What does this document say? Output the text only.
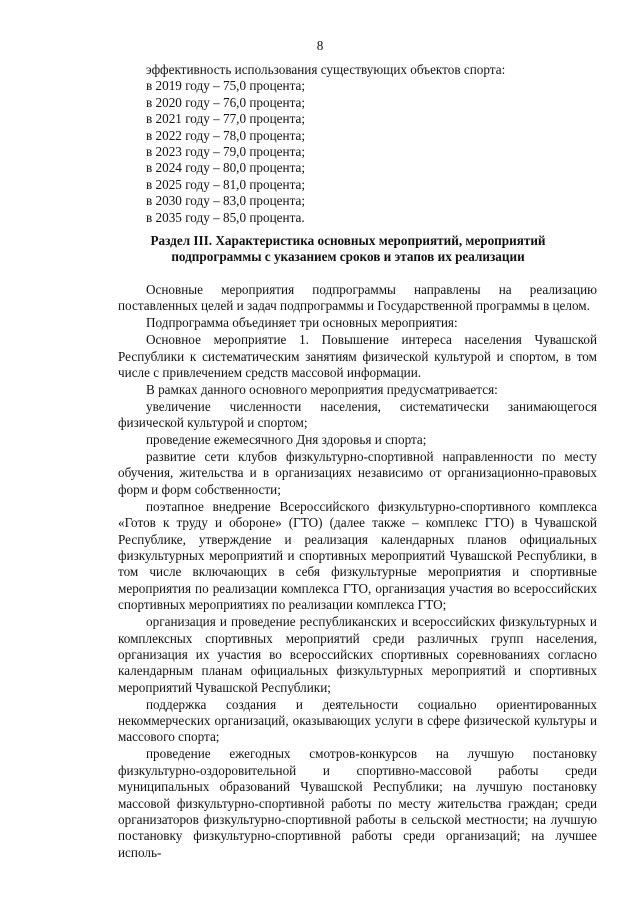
8

эффективность использования существующих объектов спорта:

в 2019 году – 75,0 процента;

в 2020 году – 76,0 процента;

в 2021 году – 77,0 процента;

в 2022 году – 78,0 процента;

в 2023 году – 79,0 процента;

в 2024 году – 80,0 процента;

в 2025 году – 81,0 процента;

в 2030 году – 83,0 процента;

в 2035 году – 85,0 процента.

Раздел III. Характеристика основных мероприятий, мероприятий
подпрограммы с указанием сроков и этапов их реализации

Основные мероприятия подпрограммы направлены на реализацию поставленных целей и задач подпрограммы и Государственной программы в целом.

Подпрограмма объединяет три основных мероприятия:

Основное мероприятие 1. Повышение интереса населения Чувашской Республики к систематическим занятиям физической культурой и спортом, в том числе с привлечением средств массовой информации.

В рамках данного основного мероприятия предусматривается:

увеличение численности населения, систематически занимающегося физической культурой и спортом;

проведение ежемесячного Дня здоровья и спорта;

развитие сети клубов физкультурно-спортивной направленности по месту обучения, жительства и в организациях независимо от организационно-правовых форм и форм собственности;

поэтапное внедрение Всероссийского физкультурно-спортивного комплекса «Готов к труду и обороне» (ГТО) (далее также – комплекс ГТО) в Чувашской Республике, утверждение и реализация календарных планов официальных физкультурных мероприятий и спортивных мероприятий Чувашской Республики, в том числе включающих в себя физкультурные мероприятия и спортивные мероприятия по реализации комплекса ГТО, организация участия во всероссийских спортивных мероприятиях по реализации комплекса ГТО;

организация и проведение республиканских и всероссийских физкультурных и комплексных спортивных мероприятий среди различных групп населения, организация их участия во всероссийских спортивных соревнованиях согласно календарным планам официальных физкультурных мероприятий и спортивных мероприятий Чувашской Республики;

поддержка создания и деятельности социально ориентированных некоммерческих организаций, оказывающих услуги в сфере физической культуры и массового спорта;

проведение ежегодных смотров-конкурсов на лучшую постановку физкультурно-оздоровительной и спортивно-массовой работы среди муниципальных образований Чувашской Республики; на лучшую постановку массовой физкультурно-спортивной работы по месту жительства граждан; среди организаторов физкультурно-спортивной работы в сельской местности; на лучшую постановку физкультурно-спортивной работы среди организаций; на лучшее исполь-
